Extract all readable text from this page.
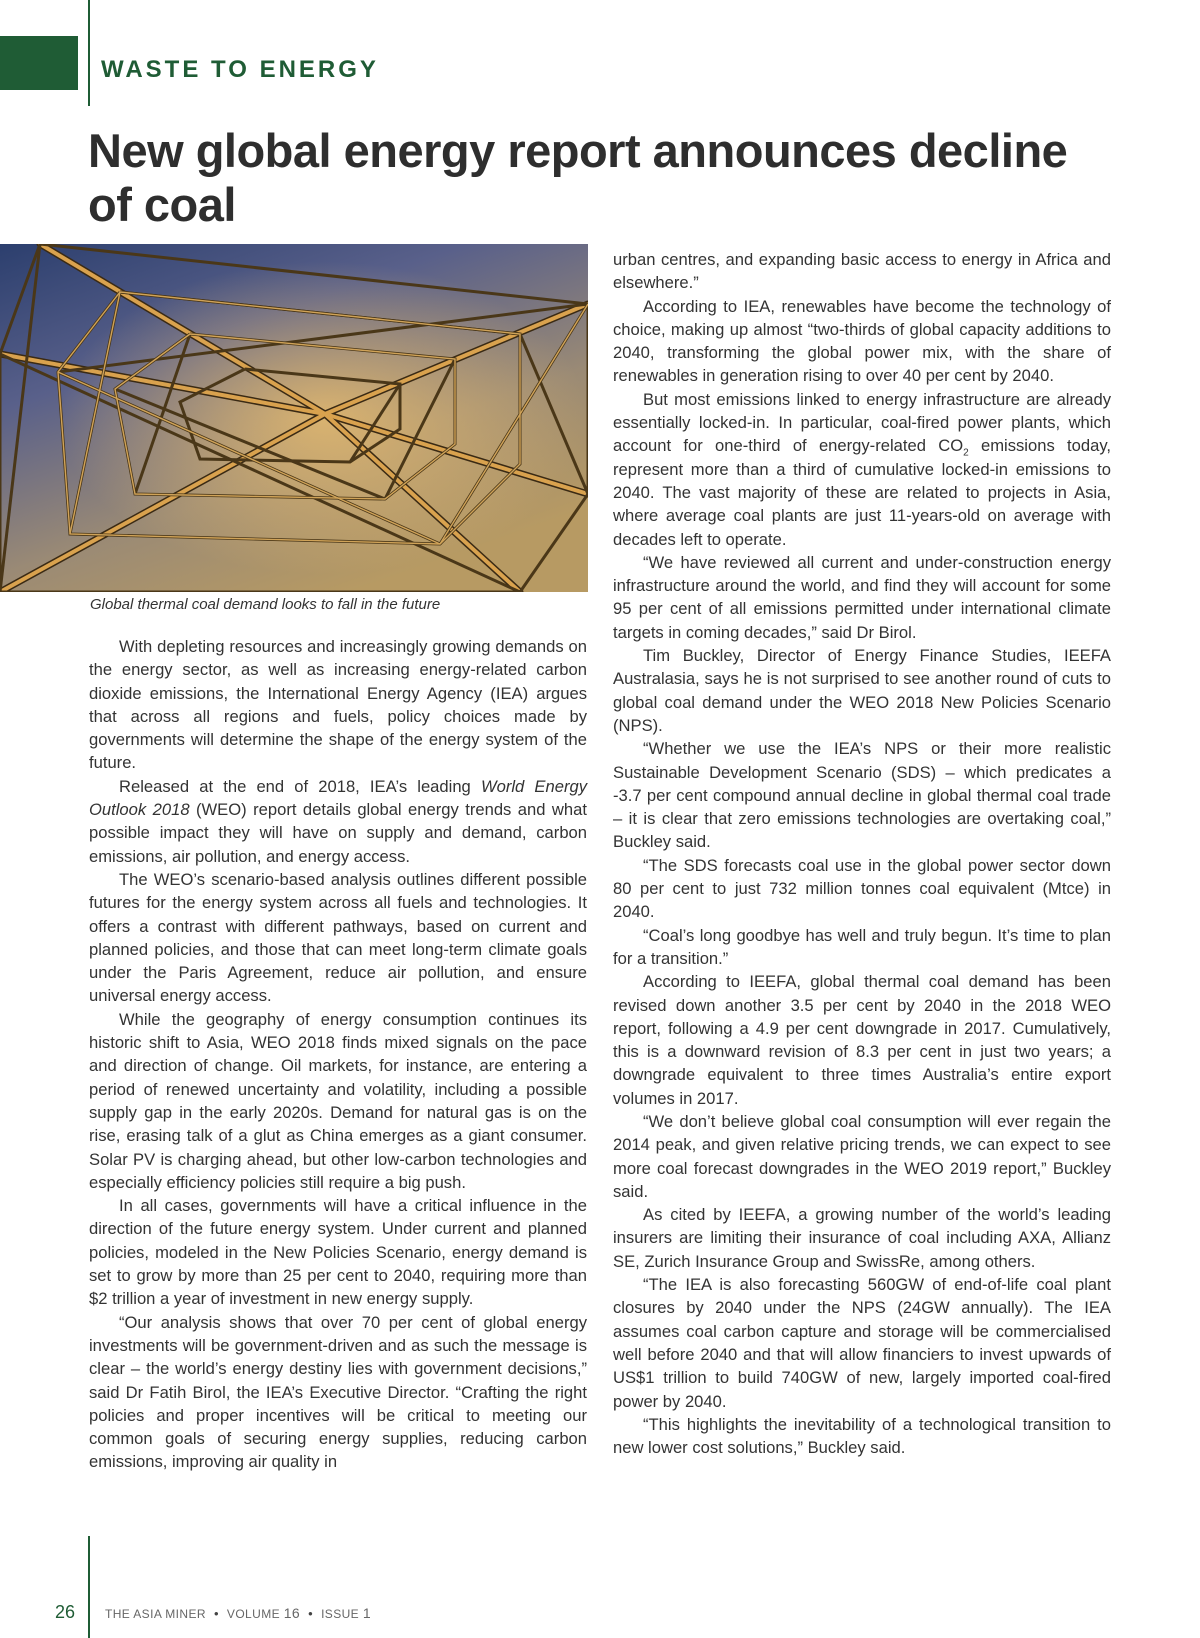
WASTE TO ENERGY
New global energy report announces decline of coal
Global thermal coal demand looks to fall in the future

With depleting resources and increasingly growing demands on the energy sector, as well as increasing energy-related carbon dioxide emissions, the International Energy Agency (IEA) argues that across all regions and fuels, policy choices made by governments will determine the shape of the energy system of the future.

Released at the end of 2018, IEA’s leading World Energy Outlook 2018 (WEO) report details global energy trends and what possible impact they will have on supply and demand, carbon emissions, air pollution, and energy access.

The WEO’s scenario-based analysis outlines different possible futures for the energy system across all fuels and technologies. It offers a contrast with different pathways, based on current and planned policies, and those that can meet long-term climate goals under the Paris Agreement, reduce air pollution, and ensure universal energy access.

While the geography of energy consumption continues its historic shift to Asia, WEO 2018 finds mixed signals on the pace and direction of change. Oil markets, for instance, are entering a period of renewed uncertainty and volatility, including a possible supply gap in the early 2020s. Demand for natural gas is on the rise, erasing talk of a glut as China emerges as a giant consumer. Solar PV is charging ahead, but other low-carbon technologies and especially efficiency policies still require a big push.

In all cases, governments will have a critical influence in the direction of the future energy system. Under current and planned policies, modeled in the New Policies Scenario, energy demand is set to grow by more than 25 per cent to 2040, requiring more than $2 trillion a year of investment in new energy supply.

“Our analysis shows that over 70 per cent of global energy investments will be government-driven and as such the message is clear – the world’s energy destiny lies with government decisions,” said Dr Fatih Birol, the IEA’s Executive Director. “Crafting the right policies and proper incentives will be critical to meeting our common goals of securing energy supplies, reducing carbon emissions, improving air quality in

urban centres, and expanding basic access to energy in Africa and elsewhere.”

According to IEA, renewables have become the technology of choice, making up almost “two-thirds of global capacity additions to 2040, transforming the global power mix, with the share of renewables in generation rising to over 40 per cent by 2040.

But most emissions linked to energy infrastructure are already essentially locked-in. In particular, coal-fired power plants, which account for one-third of energy-related $CO_2$ emissions today, represent more than a third of cumulative locked-in emissions to 2040. The vast majority of these are related to projects in Asia, where average coal plants are just 11-years-old on average with decades left to operate.

“We have reviewed all current and under-construction energy infrastructure around the world, and find they will account for some 95 per cent of all emissions permitted under international climate targets in coming decades,” said Dr Birol.

Tim Buckley, Director of Energy Finance Studies, IEEFA Australasia, says he is not surprised to see another round of cuts to global coal demand under the WEO 2018 New Policies Scenario (NPS).

“Whether we use the IEA’s NPS or their more realistic Sustainable Development Scenario (SDS) – which predicates a -3.7 per cent compound annual decline in global thermal coal trade – it is clear that zero emissions technologies are overtaking coal,” Buckley said.

“The SDS forecasts coal use in the global power sector down 80 per cent to just 732 million tonnes coal equivalent (Mtce) in 2040.

“Coal’s long goodbye has well and truly begun. It’s time to plan for a transition.”

According to IEEFA, global thermal coal demand has been revised down another 3.5 per cent by 2040 in the 2018 WEO report, following a 4.9 per cent downgrade in 2017. Cumulatively, this is a downward revision of 8.3 per cent in just two years; a downgrade equivalent to three times Australia’s entire export volumes in 2017.

“We don’t believe global coal consumption will ever regain the 2014 peak, and given relative pricing trends, we can expect to see more coal forecast downgrades in the WEO 2019 report,” Buckley said.

As cited by IEEFA, a growing number of the world’s leading insurers are limiting their insurance of coal including AXA, Allianz SE, Zurich Insurance Group and SwissRe, among others.

“The IEA is also forecasting 560GW of end-of-life coal plant closures by 2040 under the NPS (24GW annually). The IEA assumes coal carbon capture and storage will be commercialised well before 2040 and that will allow financiers to invest upwards of US$1 trillion to build 740GW of new, largely imported coal-fired power by 2040.

“This highlights the inevitability of a technological transition to new lower cost solutions,” Buckley said.

26 THE ASIA MINER • VOLUME 16 • ISSUE 1
